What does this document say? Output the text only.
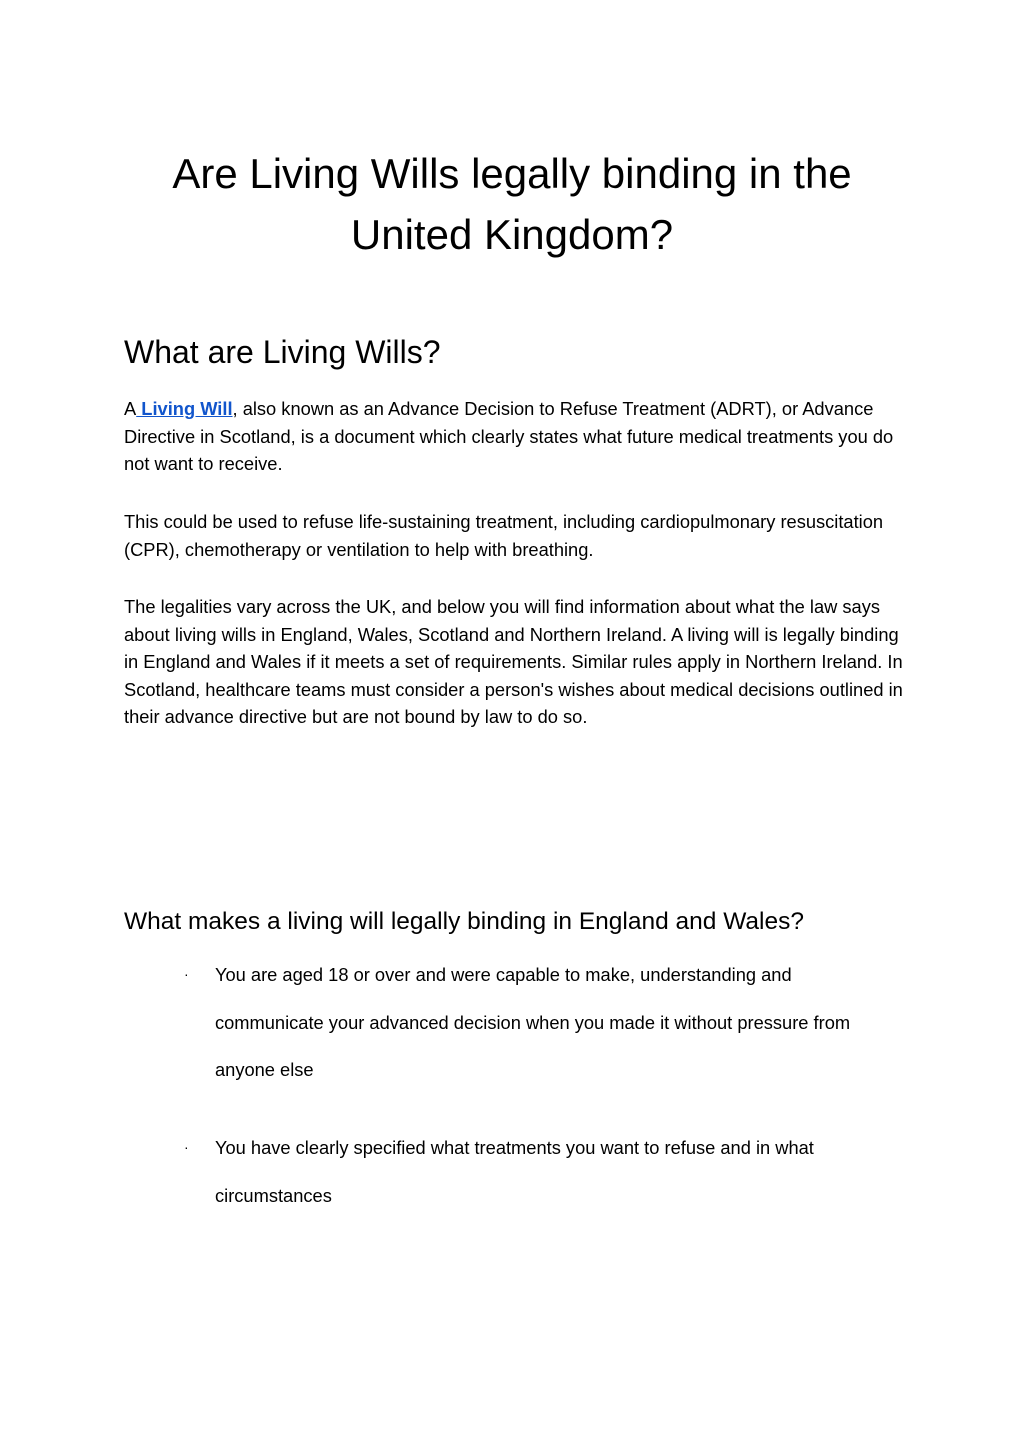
Are Living Wills legally binding in the United Kingdom?
What are Living Wills?

A Living Will, also known as an Advance Decision to Refuse Treatment (ADRT), or Advance Directive in Scotland, is a document which clearly states what future medical treatments you do not want to receive.

This could be used to refuse life-sustaining treatment, including cardiopulmonary resuscitation (CPR), chemotherapy or ventilation to help with breathing.

The legalities vary across the UK, and below you will find information about what the law says about living wills in England, Wales, Scotland and Northern Ireland. A living will is legally binding in England and Wales if it meets a set of requirements. Similar rules apply in Northern Ireland. In Scotland, healthcare teams must consider a person's wishes about medical decisions outlined in their advance directive but are not bound by law to do so.

What makes a living will legally binding in England and Wales?
·	You are aged 18 or over and were capable to make, understanding and communicate your advanced decision when you made it without pressure from anyone else
·	You have clearly specified what treatments you want to refuse and in what circumstances
